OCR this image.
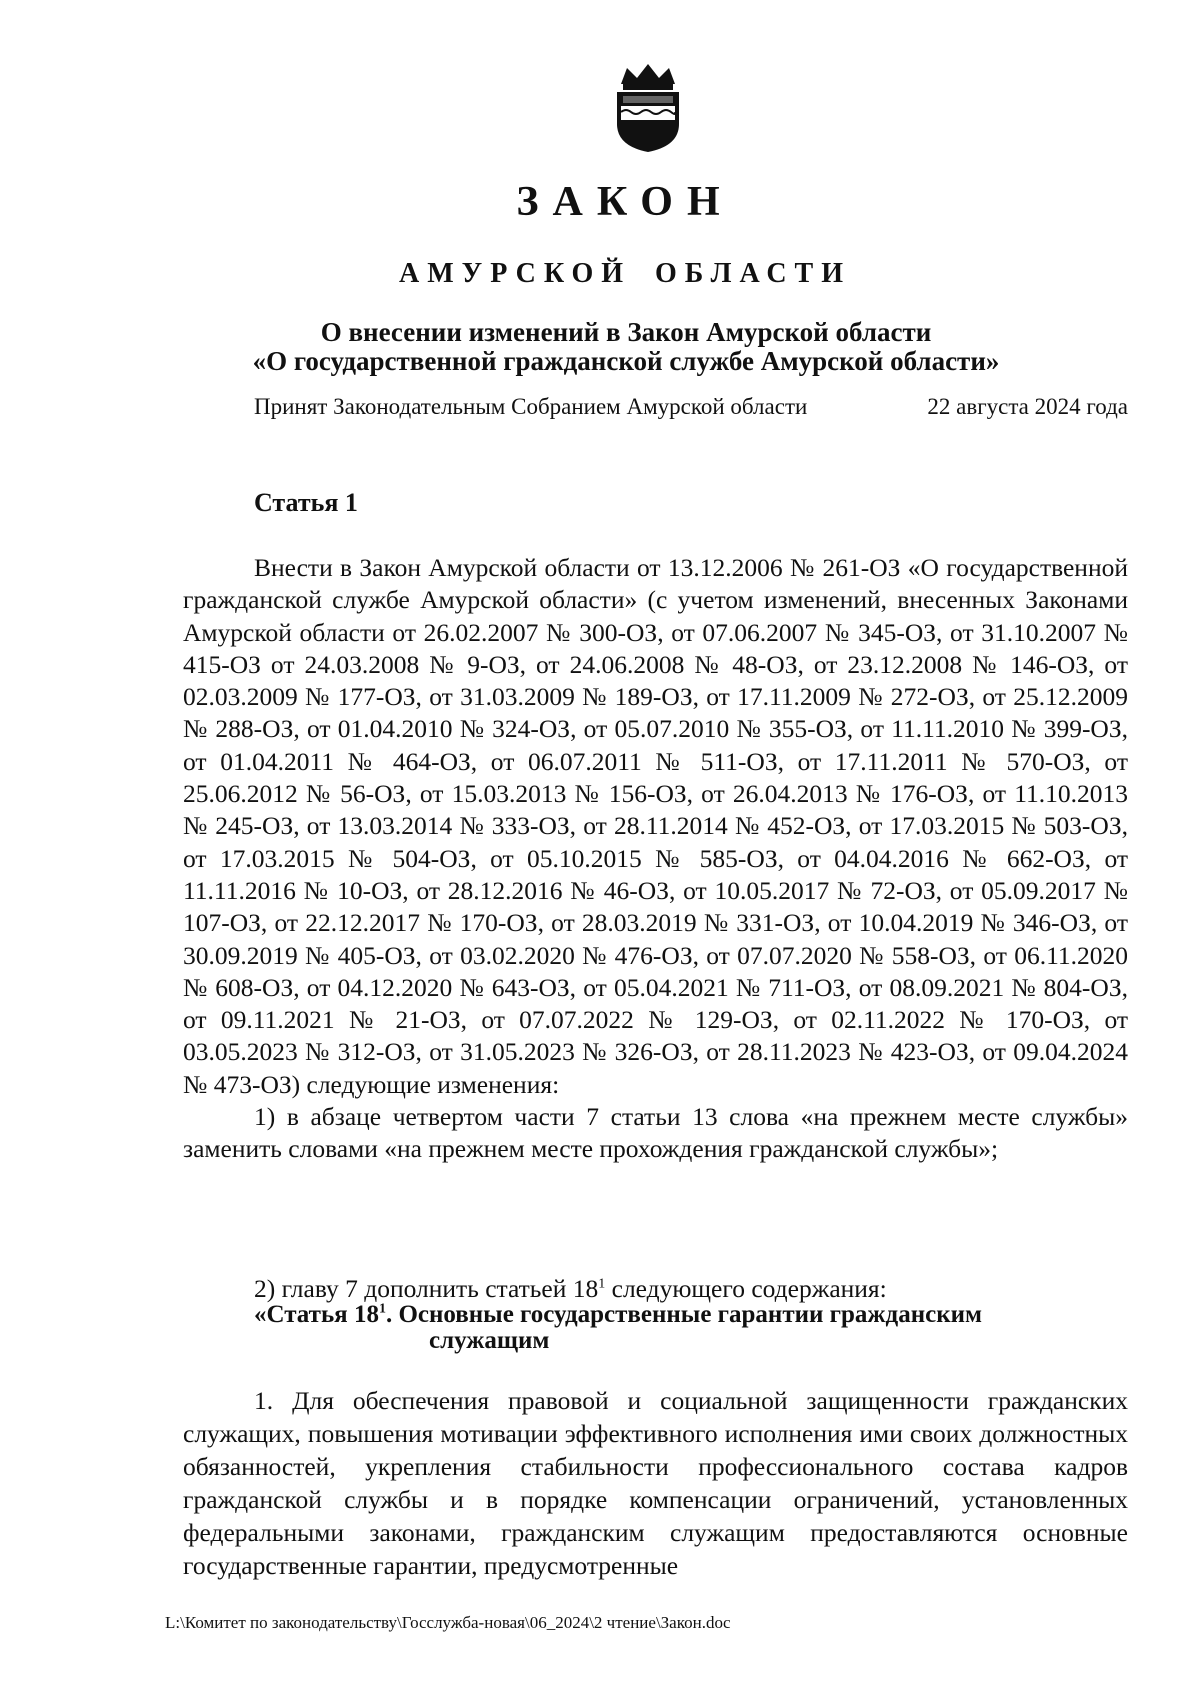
ЗАКОН
АМУРСКОЙ ОБЛАСТИ
О внесении изменений в Закон Амурской области
«О государственной гражданской службе Амурской области»
Принят Законодательным Собранием Амурской области	22 августа 2024 года
Статья 1

Внести в Закон Амурской области от 13.12.2006 № 261-ОЗ «О государственной гражданской службе Амурской области» (с учетом изменений, внесенных Законами Амурской области от 26.02.2007 № 300-ОЗ, от 07.06.2007 № 345-ОЗ, от 31.10.2007 № 415-ОЗ от 24.03.2008 № 9-ОЗ, от 24.06.2008 № 48-ОЗ, от 23.12.2008 № 146-ОЗ, от 02.03.2009 № 177-ОЗ, от 31.03.2009 № 189-ОЗ, от 17.11.2009 № 272-ОЗ, от 25.12.2009 № 288-ОЗ, от 01.04.2010 № 324-ОЗ, от 05.07.2010 № 355-ОЗ, от 11.11.2010 № 399-ОЗ, от 01.04.2011 № 464-ОЗ, от 06.07.2011 № 511-ОЗ, от 17.11.2011 № 570-ОЗ, от 25.06.2012 № 56-ОЗ, от 15.03.2013 № 156-ОЗ, от 26.04.2013 № 176-ОЗ, от 11.10.2013 № 245-ОЗ, от 13.03.2014 № 333-ОЗ, от 28.11.2014 № 452-ОЗ, от 17.03.2015 № 503-ОЗ, от 17.03.2015 № 504-ОЗ, от 05.10.2015 № 585-ОЗ, от 04.04.2016 № 662-ОЗ, от 11.11.2016 № 10-ОЗ, от 28.12.2016 № 46-ОЗ, от 10.05.2017 № 72-ОЗ, от 05.09.2017 № 107-ОЗ, от 22.12.2017 № 170-ОЗ, от 28.03.2019 № 331-ОЗ, от 10.04.2019 № 346-ОЗ, от 30.09.2019 № 405-ОЗ, от 03.02.2020 № 476-ОЗ, от 07.07.2020 № 558-ОЗ, от 06.11.2020 № 608-ОЗ, от 04.12.2020 № 643-ОЗ, от 05.04.2021 № 711-ОЗ, от 08.09.2021 № 804-ОЗ, от 09.11.2021 № 21-ОЗ, от 07.07.2022 № 129-ОЗ, от 02.11.2022 № 170-ОЗ, от 03.05.2023 № 312-ОЗ, от 31.05.2023 № 326-ОЗ, от 28.11.2023 № 423-ОЗ, от 09.04.2024 № 473-ОЗ) следующие изменения:

1) в абзаце четвертом части 7 статьи 13 слова «на прежнем месте службы» заменить словами «на прежнем месте прохождения гражданской службы»;

2) главу 7 дополнить статьей $18^1$ следующего содержания:
«Статья $18^1$. Основные государственные гарантии гражданским
служащим

1. Для обеспечения правовой и социальной защищенности гражданских служащих, повышения мотивации эффективного исполнения ими своих должностных обязанностей, укрепления стабильности профессионального состава кадров гражданской службы и в порядке компенсации ограничений, установленных федеральными законами, гражданским служащим предоставляются основные государственные гарантии, предусмотренные

L:\Комитет по законодательству\Госслужба-новая\06_2024\2 чтение\Закон.doc
